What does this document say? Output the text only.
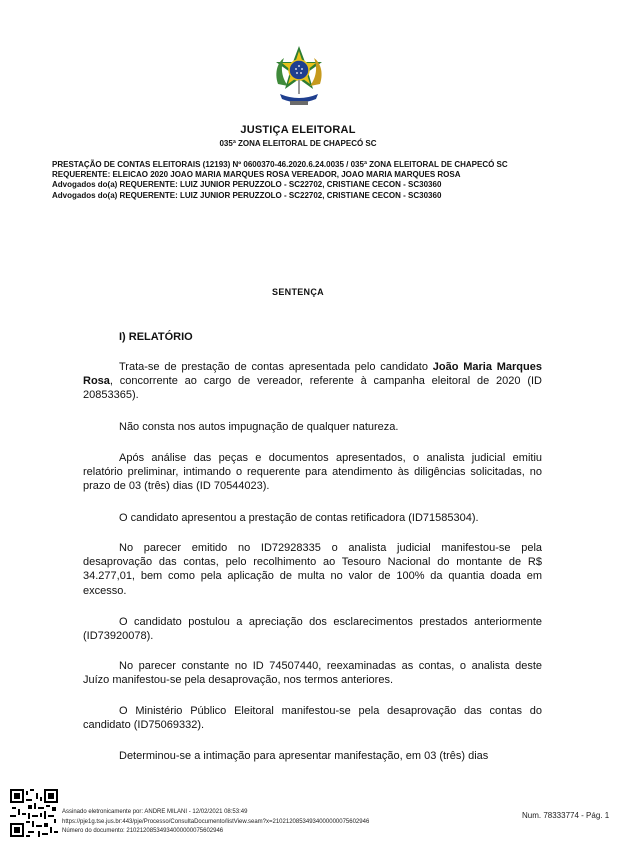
JUSTIÇA ELEITORAL
035ª ZONA ELEITORAL DE CHAPECÓ SC
PRESTAÇÃO DE CONTAS ELEITORAIS (12193) Nº 0600370-46.2020.6.24.0035 / 035ª ZONA ELEITORAL DE CHAPECÓ SC
REQUERENTE: ELEICAO 2020 JOAO MARIA MARQUES ROSA VEREADOR, JOAO MARIA MARQUES ROSA
Advogados do(a) REQUERENTE: LUIZ JUNIOR PERUZZOLO - SC22702, CRISTIANE CECON - SC30360
Advogados do(a) REQUERENTE: LUIZ JUNIOR PERUZZOLO - SC22702, CRISTIANE CECON - SC30360
SENTENÇA
I) RELATÓRIO

Trata-se de prestação de contas apresentada pelo candidato João Maria Marques Rosa, concorrente ao cargo de vereador, referente à campanha eleitoral de 2020 (ID 20853365).

Não consta nos autos impugnação de qualquer natureza.

Após análise das peças e documentos apresentados, o analista judicial emitiu relatório preliminar, intimando o requerente para atendimento às diligências solicitadas, no prazo de 03 (três) dias (ID 70544023).

O candidato apresentou a prestação de contas retificadora (ID71585304).

No parecer emitido no ID72928335 o analista judicial manifestou-se pela desaprovação das contas, pelo recolhimento ao Tesouro Nacional do montante de R$ 34.277,01, bem como pela aplicação de multa no valor de 100% da quantia doada em excesso.

O candidato postulou a apreciação dos esclarecimentos prestados anteriormente (ID73920078).

No parecer constante no ID 74507440, reexaminadas as contas, o analista deste Juízo manifestou-se pela desaprovação, nos termos anteriores.

O Ministério Público Eleitoral manifestou-se pela desaprovação das contas do candidato (ID75069332).

Determinou-se a intimação para apresentar manifestação, em 03 (três) dias

Assinado eletronicamente por: ANDRE MILANI - 12/02/2021 08:53:49
https://pje1g.tse.jus.br:443/pje/Processo/ConsultaDocumento/listView.seam?x=21021208534934000000075602946
Número do documento: 21021208534934000000075602946
Num. 78333774 - Pág. 1
